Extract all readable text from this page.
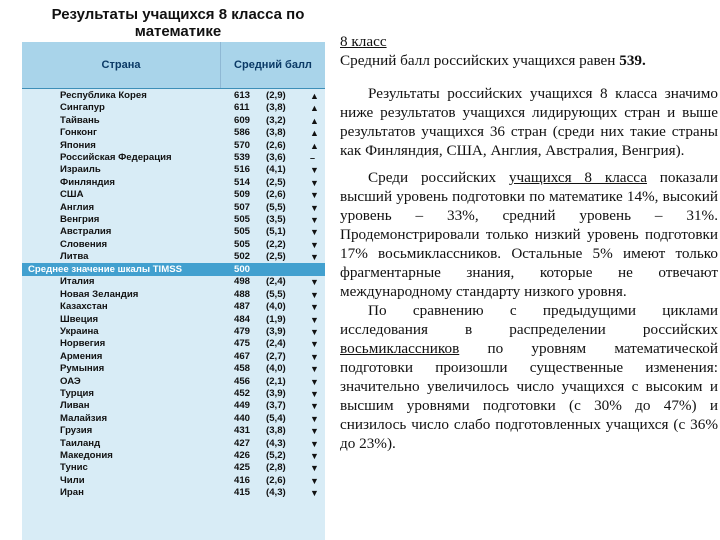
Результаты учащихся 8 класса по математике
Страна	Средний балл
Республика Корея	613 (2,9)	▲
Сингапур	611 (3,8)	▲
Тайвань	609 (3,2)	▲
Гонконг	586 (3,8)	▲
Япония	570 (2,6)	▲
Российская Федерация	539 (3,6)	–
Израиль	516 (4,1)	▼
Финляндия	514 (2,5)	▼
США	509 (2,6)	▼
Англия	507 (5,5)	▼
Венгрия	505 (3,5)	▼
Австралия	505 (5,1)	▼
Словения	505 (2,2)	▼
Литва	502 (2,5)	▼
Среднее значение шкалы TIMSS	500
Италия	498 (2,4)	▼
Новая Зеландия	488 (5,5)	▼
Казахстан	487 (4,0)	▼
Швеция	484 (1,9)	▼
Украина	479 (3,9)	▼
Норвегия	475 (2,4)	▼
Армения	467 (2,7)	▼
Румыния	458 (4,0)	▼
ОАЭ	456 (2,1)	▼
Турция	452 (3,9)	▼
Ливан	449 (3,7)	▼
Малайзия	440 (5,4)	▼
Грузия	431 (3,8)	▼
Таиланд	427 (4,3)	▼
Македония	426 (5,2)	▼
Тунис	425 (2,8)	▼
Чили	416 (2,6)	▼
Иран	415 (4,3)	▼

8 класс

Средний балл российских учащихся равен 539.

Результаты российских учащихся 8 класса значимо ниже результатов учащихся лидирующих стран и выше результатов учащихся 36 стран (среди них такие страны как Финляндия, США, Англия, Австралия, Венгрия).

Среди российских учащихся 8 класса показали высший уровень подготовки по математике 14%, высокий уровень – 33%, средний уровень – 31%. Продемонстрировали только низкий уровень подготовки 17% восьмиклассников. Остальные 5% имеют только фрагментарные знания, которые не отвечают международному стандарту низкого уровня.

По сравнению с предыдущими циклами исследования в распределении российских восьмиклассников по уровням математической подготовки произошли существенные изменения: значительно увеличилось число учащихся с высоким и высшим уровнями подготовки (с 30% до 47%) и снизилось число слабо подготовленных учащихся (с 36% до 23%).
